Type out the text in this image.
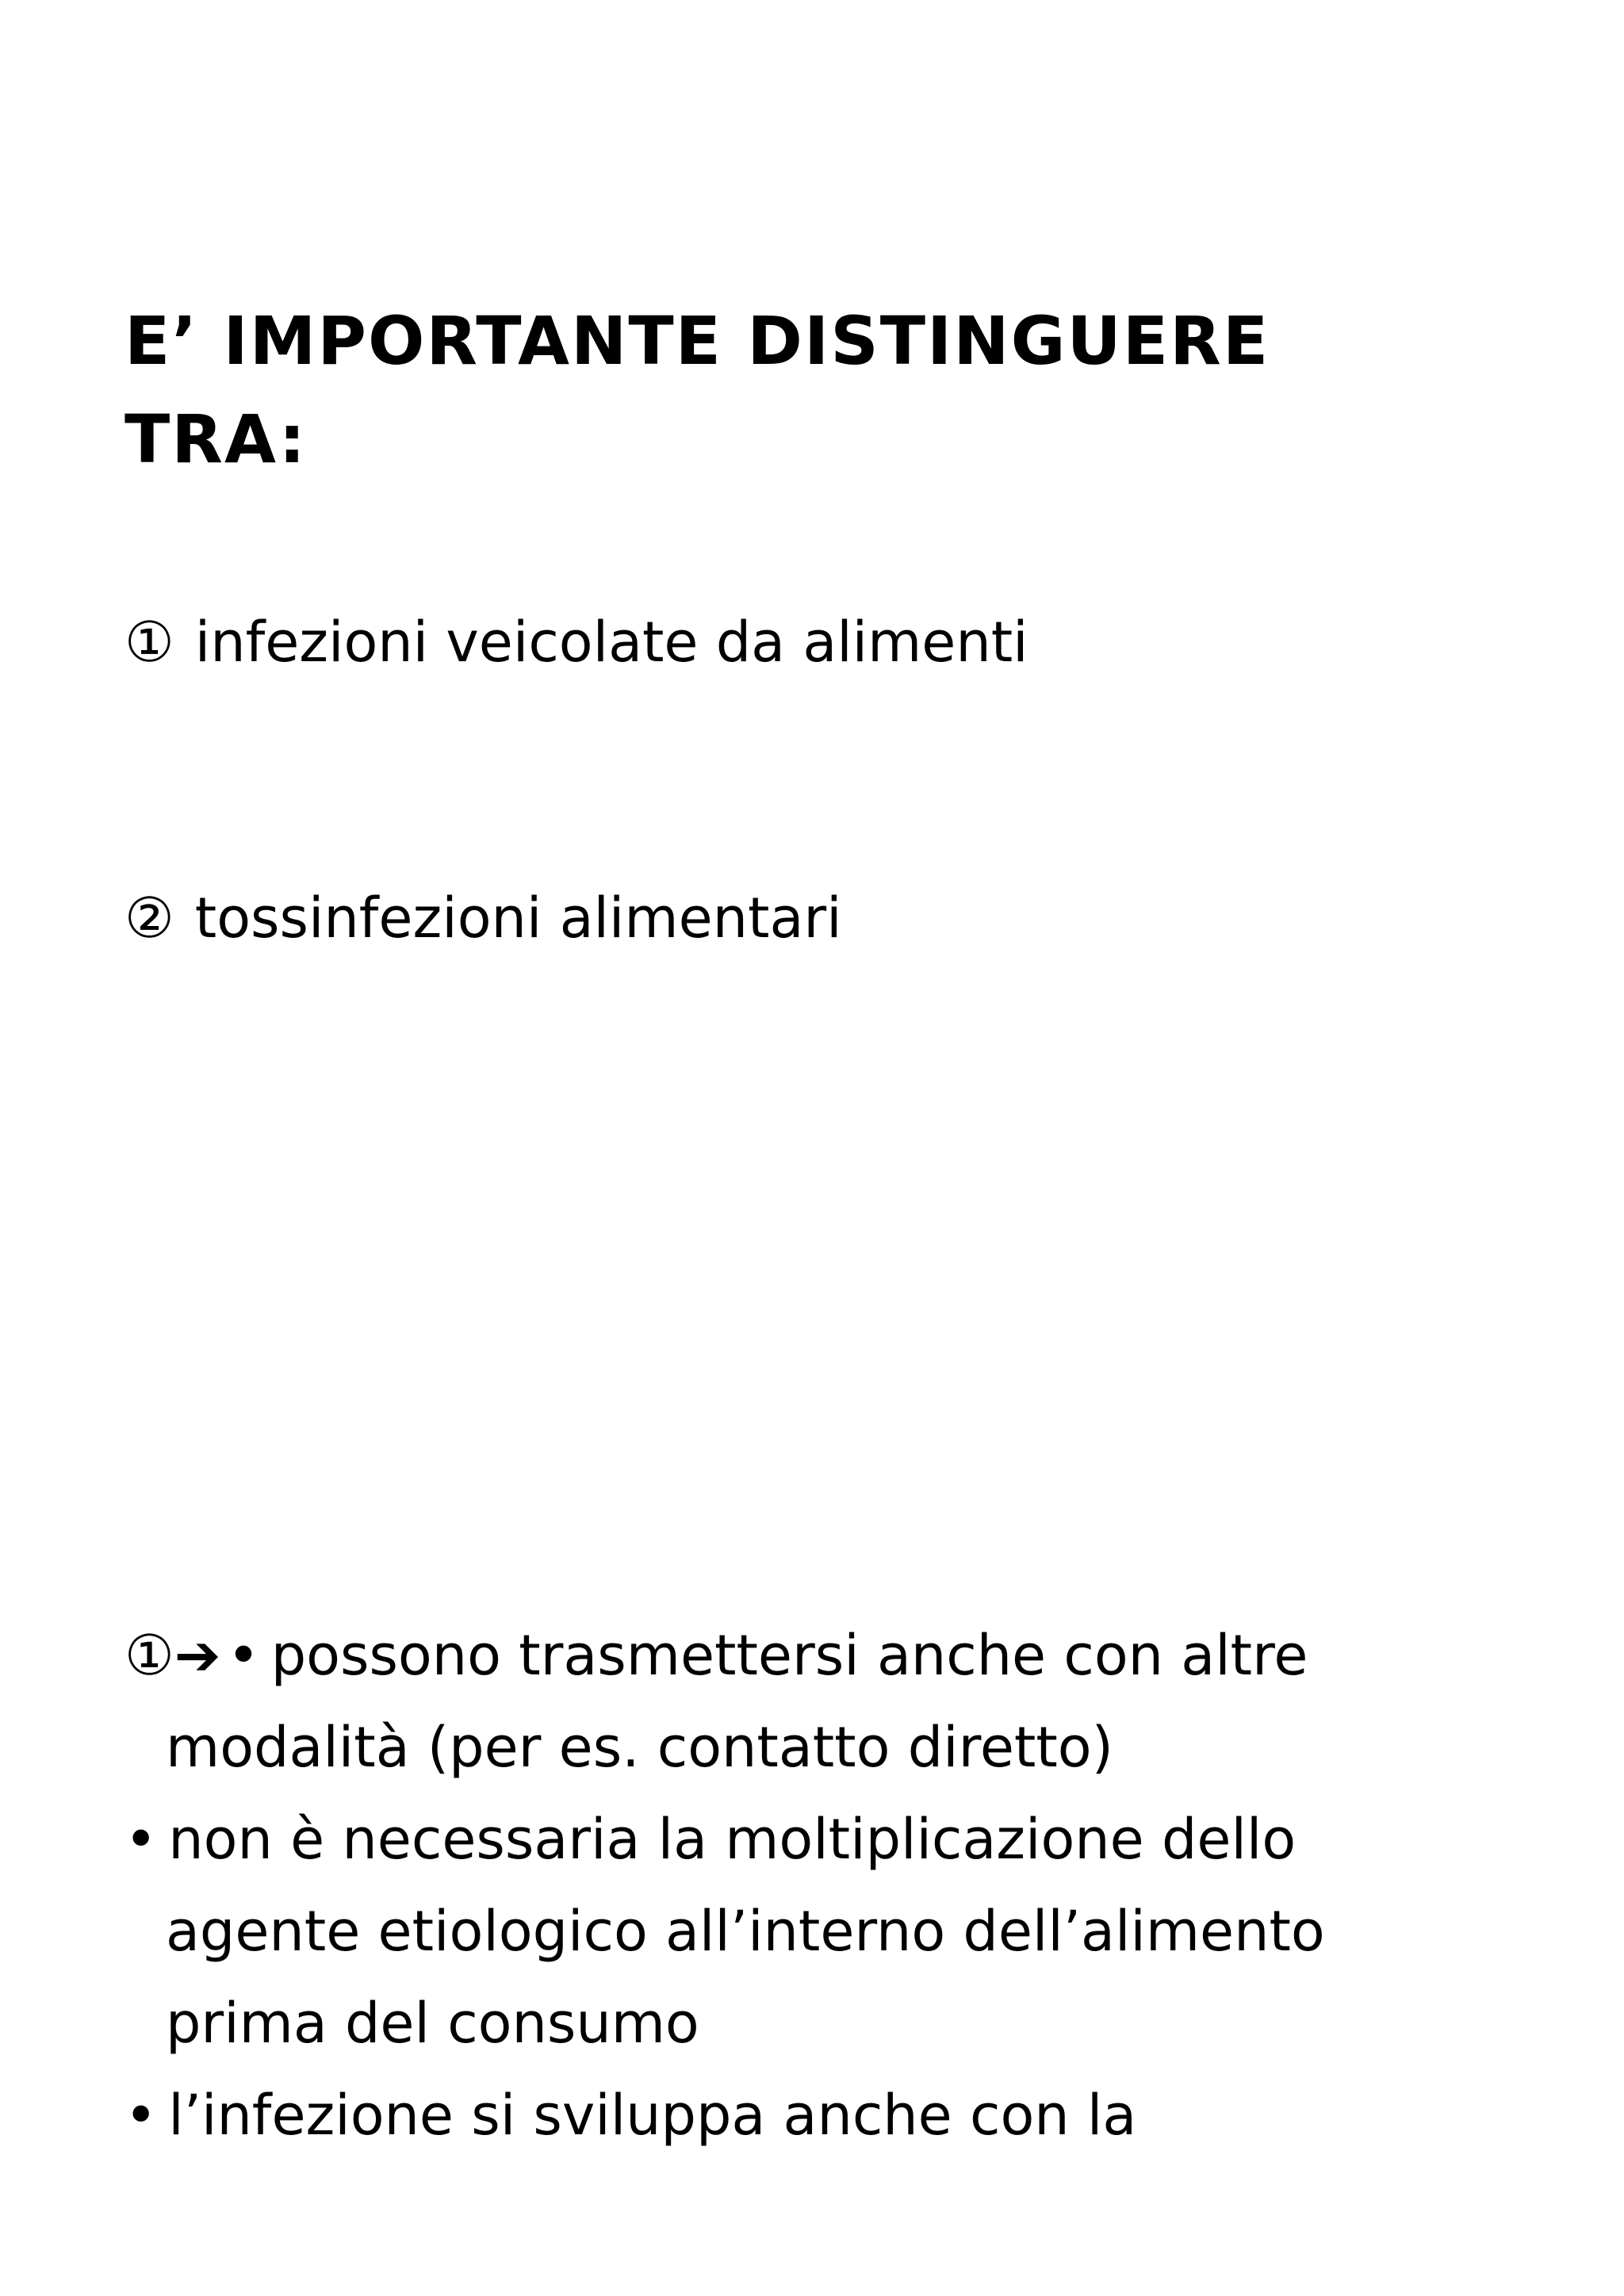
E’ IMPORTANTE DISTINGUERE
TRA:
① infezioni veicolate da alimenti
② tossinfezioni alimentari
①➔ • possono trasmettersi anche con altre
modalità (per es. contatto diretto)
• non è necessaria la moltiplicazione dello
agente etiologico all’interno dell’alimento
prima del consumo
• l’infezione si sviluppa anche con la
